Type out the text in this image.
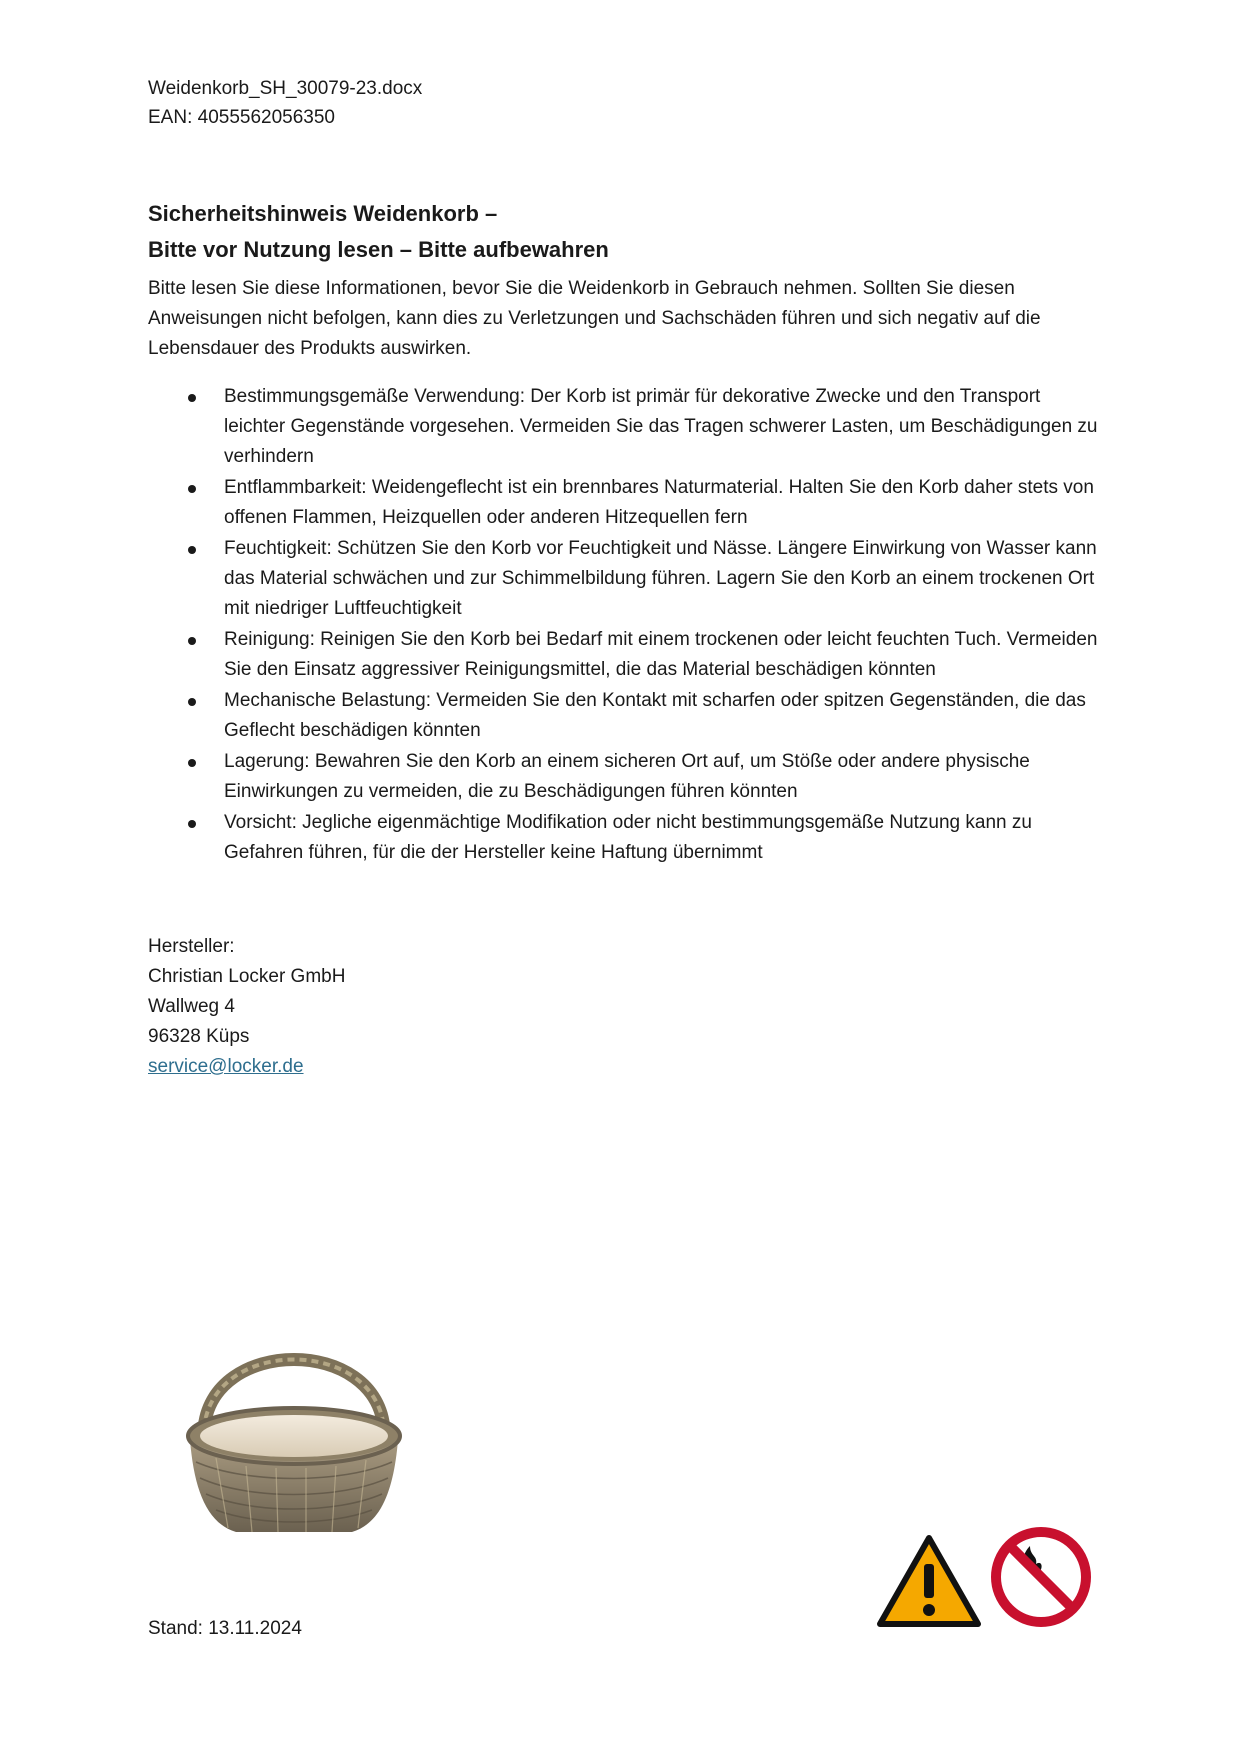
Weidenkorb_SH_30079-23.docx
EAN: 4055562056350
Sicherheitshinweis Weidenkorb –
Bitte vor Nutzung lesen – Bitte aufbewahren
Bitte lesen Sie diese Informationen, bevor Sie die Weidenkorb in Gebrauch nehmen. Sollten Sie diesen Anweisungen nicht befolgen, kann dies zu Verletzungen und Sachschäden führen und sich negativ auf die Lebensdauer des Produkts auswirken.
Bestimmungsgemäße Verwendung: Der Korb ist primär für dekorative Zwecke und den Transport leichter Gegenstände vorgesehen. Vermeiden Sie das Tragen schwerer Lasten, um Beschädigungen zu verhindern
Entflammbarkeit: Weidengeflecht ist ein brennbares Naturmaterial. Halten Sie den Korb daher stets von offenen Flammen, Heizquellen oder anderen Hitzequellen fern
Feuchtigkeit: Schützen Sie den Korb vor Feuchtigkeit und Nässe. Längere Einwirkung von Wasser kann das Material schwächen und zur Schimmelbildung führen. Lagern Sie den Korb an einem trockenen Ort mit niedriger Luftfeuchtigkeit
Reinigung: Reinigen Sie den Korb bei Bedarf mit einem trockenen oder leicht feuchten Tuch. Vermeiden Sie den Einsatz aggressiver Reinigungsmittel, die das Material beschädigen könnten
Mechanische Belastung: Vermeiden Sie den Kontakt mit scharfen oder spitzen Gegenständen, die das Geflecht beschädigen könnten
Lagerung: Bewahren Sie den Korb an einem sicheren Ort auf, um Stöße oder andere physische Einwirkungen zu vermeiden, die zu Beschädigungen führen könnten
Vorsicht: Jegliche eigenmächtige Modifikation oder nicht bestimmungsgemäße Nutzung kann zu Gefahren führen, für die der Hersteller keine Haftung übernimmt
Hersteller:
Christian Locker GmbH
Wallweg 4
96328 Küps
service@locker.de
Stand: 13.11.2024
